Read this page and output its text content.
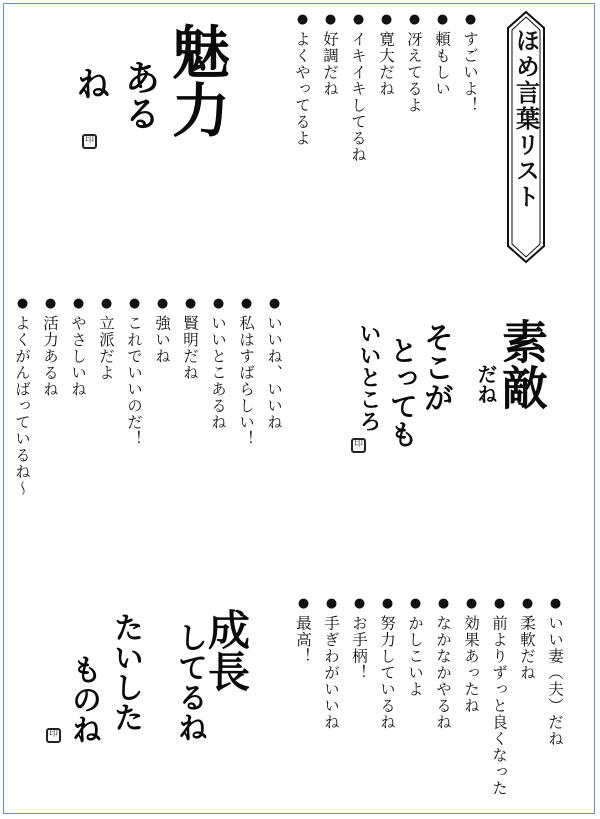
ほめ言葉リスト
●すごいよ！
●頼もしい
●冴えてるよ
●寛大だね
●イキイキしてるね
●好調だね
●よくやってるよ
魅力
ある
ね
印
●いいね、いいね
●私はすばらしい！
●いいとこあるね
●賢明だね
●強いね
●これでいいのだ！
●立派だよ
●やさしいね
●活力あるね
●よくがんばっているね〜	素敵
だね
そこが
とっても
いいところ
印
●いい妻（夫）だね
●柔軟だね
●前よりずっと良くなった
●効果あったね
●なかなかやるね
●かしこいよ
●努力しているね
●お手柄！
●手ぎわがいいね
●最高！
成長
してるね
たいした
ものね
印
